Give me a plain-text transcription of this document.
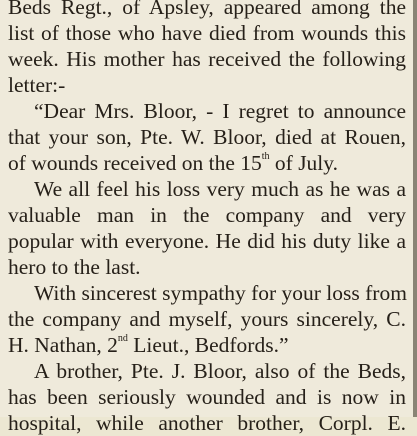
Beds Regt., of Apsley, appeared among the
list of those who have died from wounds this
week. His mother has received the following
letter:-
“Dear Mrs. Bloor, - I regret to announce
that your son, Pte. W. Bloor, died at Rouen,
of wounds received on the 15th of July.
We all feel his loss very much as he was a
valuable man in the company and very
popular with everyone. He did his duty like a
hero to the last.
With sincerest sympathy for your loss from
the company and myself, yours sincerely, C.
H. Nathan, 2nd Lieut., Bedfords.”
A brother, Pte. J. Bloor, also of the Beds,
has been seriously wounded and is now in
hospital, while another brother, Corpl. E.
